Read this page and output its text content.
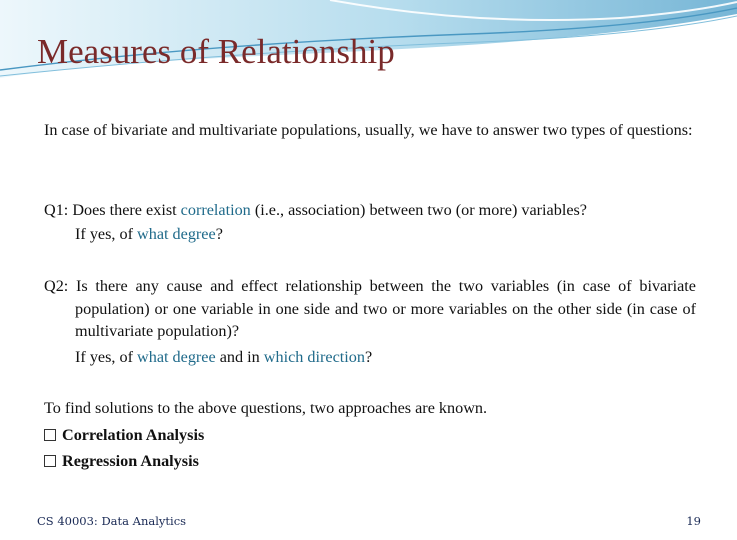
Measures of Relationship

In case of bivariate and multivariate populations, usually, we have to answer two types of questions:

Q1: Does there exist correlation (i.e., association) between two (or more) variables?
If yes, of what degree?
Q2: Is there any cause and effect relationship between the two variables (in case of bivariate population) or one variable in one side and two or more variables on the other side (in case of multivariate population)?
If yes, of what degree and in which direction?
To find solutions to the above questions, two approaches are known.
Correlation Analysis
Regression Analysis
CS 40003: Data Analytics	19
